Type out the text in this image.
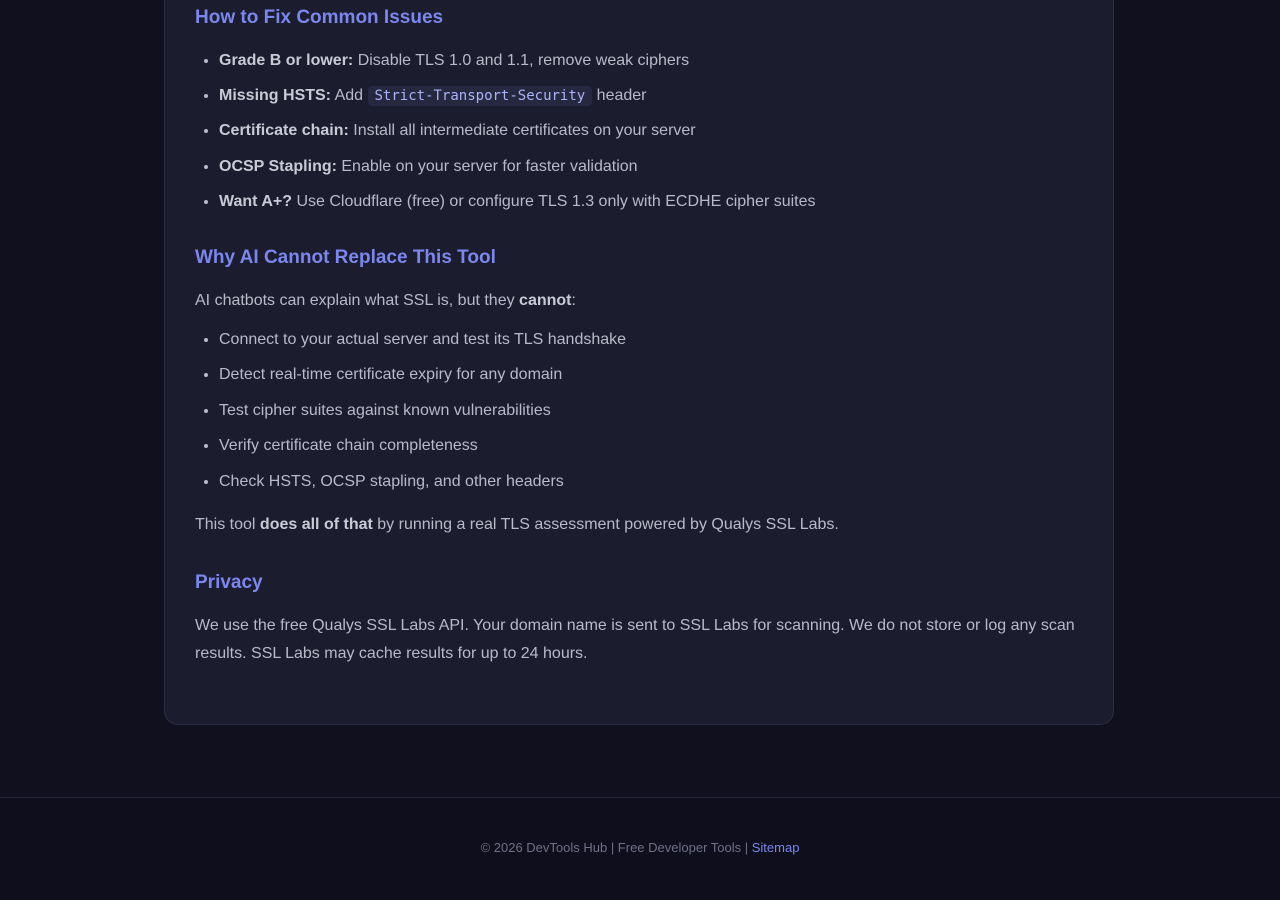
How to Fix Common Issues
• Grade B or lower: Disable TLS 1.0 and 1.1, remove weak ciphers
• Missing HSTS: Add Strict-Transport-Security header
• Certificate chain: Install all intermediate certificates on your server
• OCSP Stapling: Enable on your server for faster validation
• Want A+? Use Cloudflare (free) or configure TLS 1.3 only with ECDHE cipher suites
Why AI Cannot Replace This Tool

AI chatbots can explain what SSL is, but they cannot:

• Connect to your actual server and test its TLS handshake
• Detect real-time certificate expiry for any domain
• Test cipher suites against known vulnerabilities
• Verify certificate chain completeness
• Check HSTS, OCSP stapling, and other headers

This tool does all of that by running a real TLS assessment powered by Qualys SSL Labs.

Privacy

We use the free Qualys SSL Labs API. Your domain name is sent to SSL Labs for scanning. We do not store or log any scan results. SSL Labs may cache results for up to 24 hours.

© 2026 DevTools Hub | Free Developer Tools | Sitemap
